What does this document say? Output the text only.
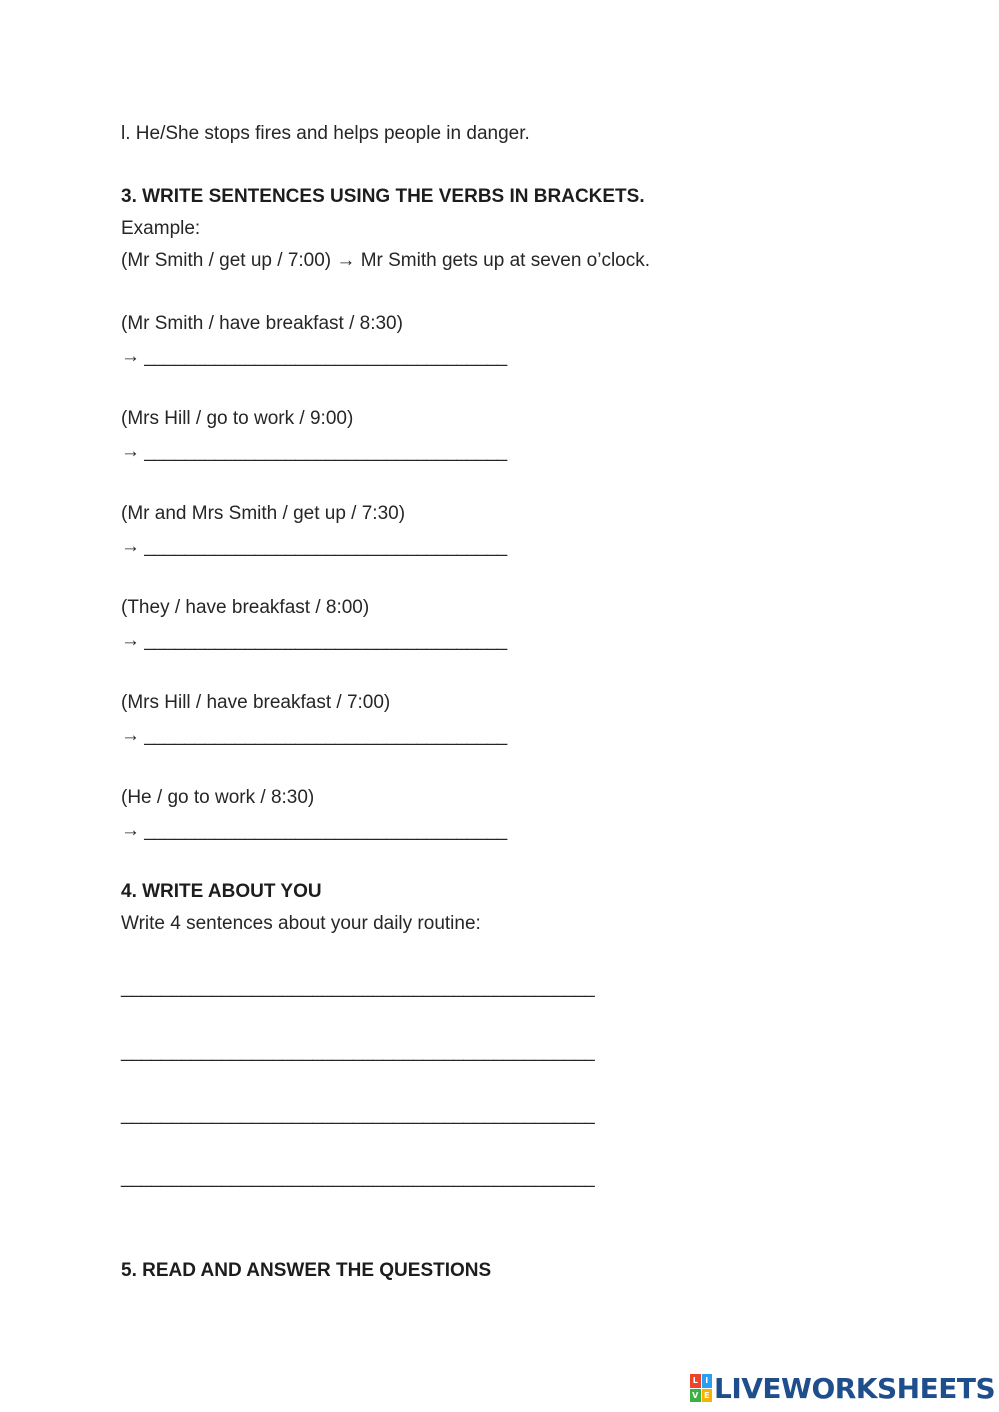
l. He/She stops fires and helps people in danger.
3. WRITE SENTENCES USING THE VERBS IN BRACKETS.
Example:
(Mr Smith / get up / 7:00) → Mr Smith gets up at seven o’clock.
(Mr Smith / have breakfast / 8:30)
→ ____________________________________
(Mrs Hill / go to work / 9:00)
→ ____________________________________
(Mr and Mrs Smith / get up / 7:30)
→ ____________________________________
(They / have breakfast / 8:00)
→ ____________________________________
(Mrs Hill / have breakfast / 7:00)
→ ____________________________________
(He / go to work / 8:30)
→ ____________________________________
4. WRITE ABOUT YOU
Write 4 sentences about your daily routine:
_______________________________________________
_______________________________________________
_______________________________________________
_______________________________________________
5. READ AND ANSWER THE QUESTIONS
L I
V E LIVEWORKSHEETS
